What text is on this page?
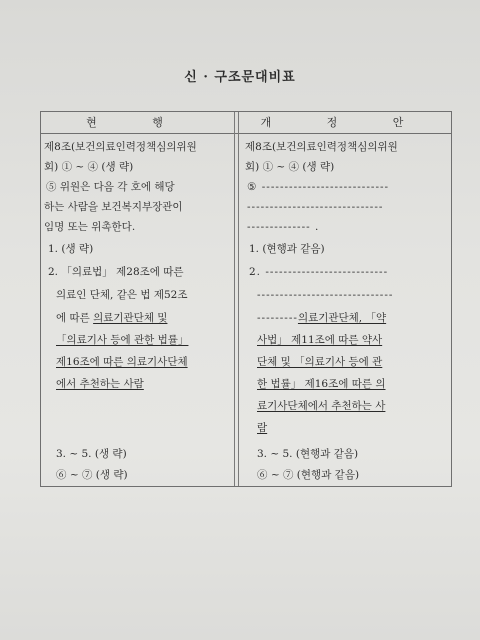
신 · 구조문대비표
현 행	개 정 안
제8조(보건의료인력정책심의위원
회) ① ~ ④ (생 략)
⑤ 위원은 다음 각 호에 해당
하는 사람을 보건복지부장관이
임명 또는 위촉한다.
1. (생 략)
2. 「의료법」 제28조에 따른
의료인 단체, 같은 법 제52조
에 따른 의료기관단체 및
「의료기사 등에 관한 법률」
제16조에 따른 의료기사단체
에서 추천하는 사람
3. ~ 5. (생 략)
⑥ ~ ⑦ (생 략)
제8조(보건의료인력정책심의위원
회) ① ~ ④ (생 략)
⑤ ----------------------------
------------------------------
-------------- .
1. (현행과 같음)
2. ---------------------------
------------------------------
---------의료기관단체, 「약
사법」 제11조에 따른 약사
단체 및 「의료기사 등에 관
한 법률」 제16조에 따른 의
료기사단체에서 추천하는 사
람
3. ~ 5. (현행과 같음)
⑥ ~ ⑦ (현행과 같음)
